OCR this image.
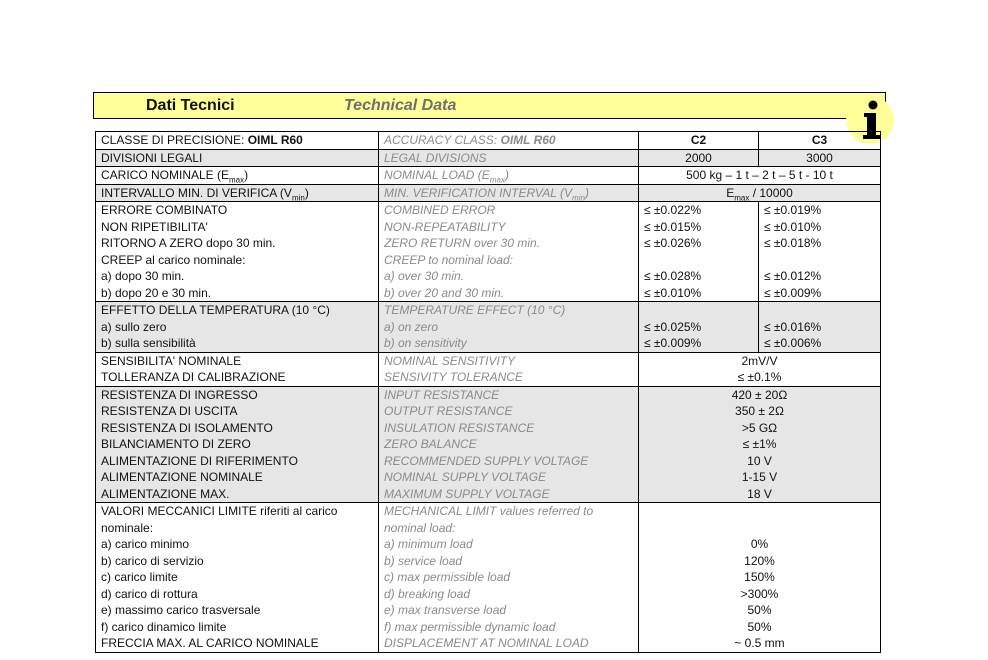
Dati Tecnici	Technical Data
CLASSE DI PRECISIONE: OIML R60	ACCURACY CLASS: OIML R60	C2	C3
DIVISIONI LEGALI	LEGAL DIVISIONS	2000	3000
CARICO NOMINALE $(E_{max})$	NOMINAL LOAD $(E_{max})$	500 kg – 1 t – 2 t – 5 t - 10 t	
INTERVALLO MIN. DI VERIFICA $(V_{min})$	MIN. VERIFICATION INTERVAL $(V_{min})$	$E_{max} / 10000$	
ERRORE COMBINATO	COMBINED ERROR	≤ ±0.022%	≤ ±0.019%
NON RIPETIBILITA'	NON-REPEATABILITY	≤ ±0.015%	≤ ±0.010%
RITORNO A ZERO dopo 30 min.	ZERO RETURN over 30 min.	≤ ±0.026%	≤ ±0.018%
CREEP al carico nominale:	CREEP to nominal load:		
a) dopo 30 min.	a) over 30 min.	≤ ±0.028%	≤ ±0.012%
b) dopo 20 e 30 min.	b) over 20 and 30 min.	≤ ±0.010%	≤ ±0.009%
EFFETTO DELLA TEMPERATURA (10 °C)	TEMPERATURE EFFECT (10 °C)		
a) sullo zero	a) on zero	≤ ±0.025%	≤ ±0.016%
b) sulla sensibilità	b) on sensitivity	≤ ±0.009%	≤ ±0.006%
SENSIBILITA' NOMINALE	NOMINAL SENSITIVITY	2mV/V	
TOLLERANZA DI CALIBRAZIONE	SENSIVITY TOLERANCE	≤ ±0.1%	
RESISTENZA DI INGRESSO	INPUT RESISTANCE	420 ± 20Ω	
RESISTENZA DI USCITA	OUTPUT RESISTANCE	350 ± 2Ω	
RESISTENZA DI ISOLAMENTO	INSULATION RESISTANCE	>5 GΩ	
BILANCIAMENTO DI ZERO	ZERO BALANCE	≤ ±1%	
ALIMENTAZIONE DI RIFERIMENTO	RECOMMENDED SUPPLY VOLTAGE	10 V	
ALIMENTAZIONE NOMINALE	NOMINAL SUPPLY VOLTAGE	1-15 V	
ALIMENTAZIONE MAX.	MAXIMUM SUPPLY VOLTAGE	18 V	
VALORI MECCANICI LIMITE riferiti al carico	MECHANICAL LIMIT values referred to		
nominale:	nominal load:		
a) carico minimo	a) minimum load	0%	
b) carico di servizio	b) service load	120%	
c) carico limite	c) max permissible load	150%	
d) carico di rottura	d) breaking load	>300%	
e) massimo carico trasversale	e) max transverse load	50%	
f) carico dinamico limite	f) max permissible dynamic load	50%	
FRECCIA MAX. AL CARICO NOMINALE	DISPLACEMENT AT NOMINAL LOAD	~ 0.5 mm	
